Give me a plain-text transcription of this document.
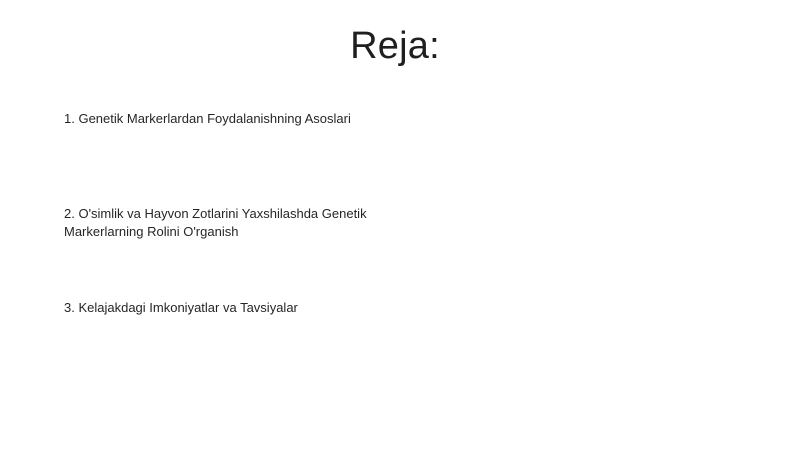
Reja:

1. Genetik Markerlardan Foydalanishning Asoslari

2. O'simlik va Hayvon Zotlarini Yaxshilashda Genetik Markerlarning Rolini O'rganish

3. Kelajakdagi Imkoniyatlar va Tavsiyalar
